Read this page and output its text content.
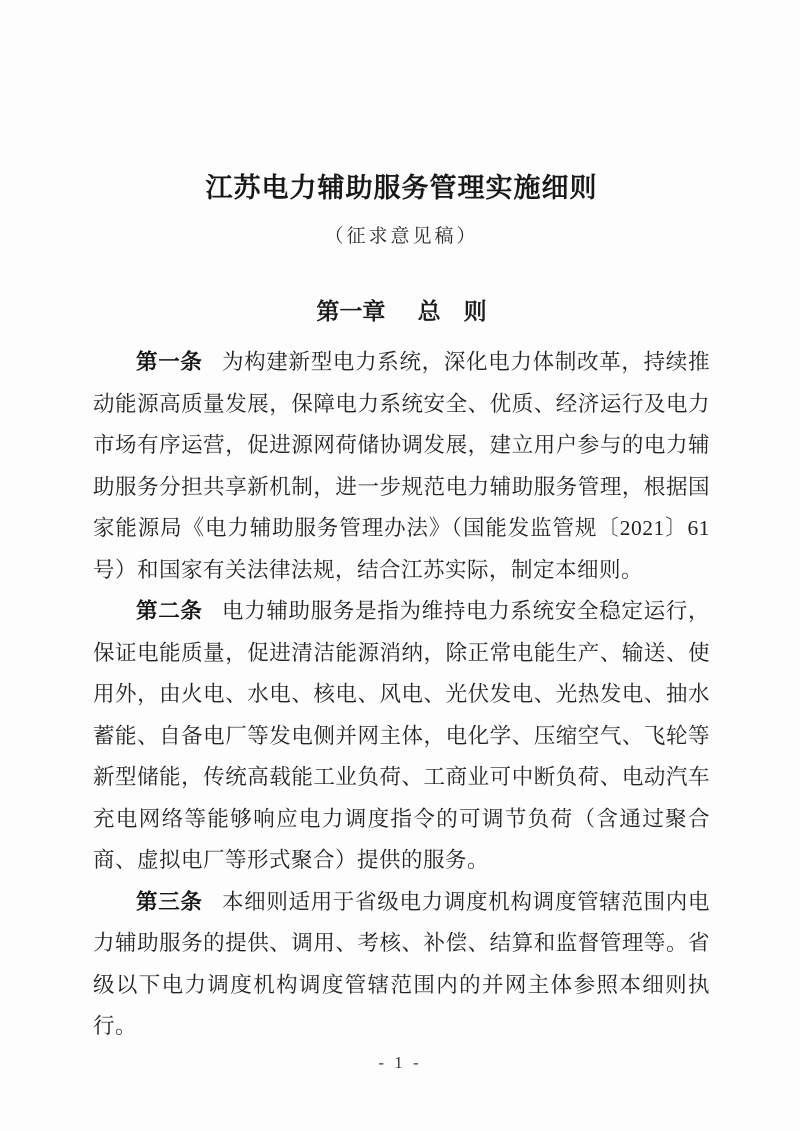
江苏电力辅助服务管理实施细则
（征求意见稿）
第一章 总　则

第一条 为构建新型电力系统，深化电力体制改革，持续推动能源高质量发展，保障电力系统安全、优质、经济运行及电力市场有序运营，促进源网荷储协调发展，建立用户参与的电力辅助服务分担共享新机制，进一步规范电力辅助服务管理，根据国家能源局《电力辅助服务管理办法》（国能发监管规〔2021〕61号）和国家有关法律法规，结合江苏实际，制定本细则。

第二条 电力辅助服务是指为维持电力系统安全稳定运行，保证电能质量，促进清洁能源消纳，除正常电能生产、输送、使用外，由火电、水电、核电、风电、光伏发电、光热发电、抽水蓄能、自备电厂等发电侧并网主体，电化学、压缩空气、飞轮等新型储能，传统高载能工业负荷、工商业可中断负荷、电动汽车充电网络等能够响应电力调度指令的可调节负荷（含通过聚合商、虚拟电厂等形式聚合）提供的服务。

第三条 本细则适用于省级电力调度机构调度管辖范围内电力辅助服务的提供、调用、考核、补偿、结算和监督管理等。省级以下电力调度机构调度管辖范围内的并网主体参照本细则执行。

- 1 -
